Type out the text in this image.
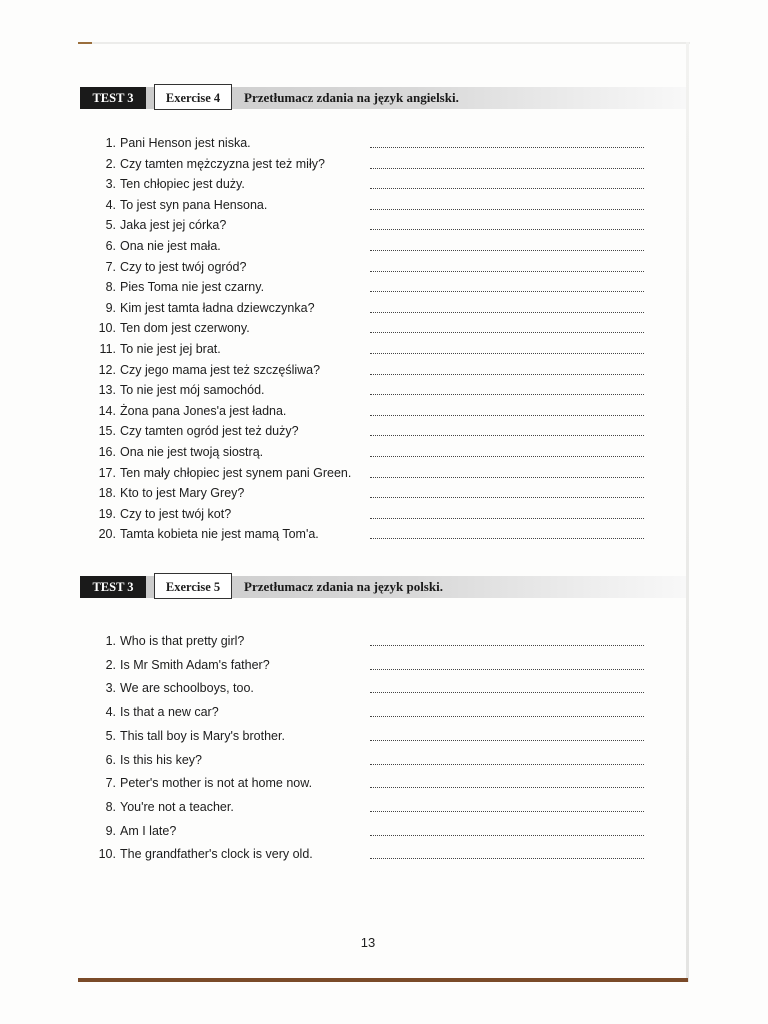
TEST 3	Exercise 4	Przetłumacz zdania na język angielski.
1. Pani Henson jest niska.
2. Czy tamten mężczyzna jest też miły?
3. Ten chłopiec jest duży.
4. To jest syn pana Hensona.
5. Jaka jest jej córka?
6. Ona nie jest mała.
7. Czy to jest twój ogród?
8. Pies Toma nie jest czarny.
9. Kim jest tamta ładna dziewczynka?
10. Ten dom jest czerwony.
11. To nie jest jej brat.
12. Czy jego mama jest też szczęśliwa?
13. To nie jest mój samochód.
14. Żona pana Jones'a jest ładna.
15. Czy tamten ogród jest też duży?
16. Ona nie jest twoją siostrą.
17. Ten mały chłopiec jest synem pani Green.
18. Kto to jest Mary Grey?
19. Czy to jest twój kot?
20. Tamta kobieta nie jest mamą Tom'a.
TEST 3	Exercise 5	Przetłumacz zdania na język polski.
1. Who is that pretty girl?
2. Is Mr Smith Adam's father?
3. We are schoolboys, too.
4. Is that a new car?
5. This tall boy is Mary's brother.
6. Is this his key?
7. Peter's mother is not at home now.
8. You're not a teacher.
9. Am I late?
10. The grandfather's clock is very old.
13
